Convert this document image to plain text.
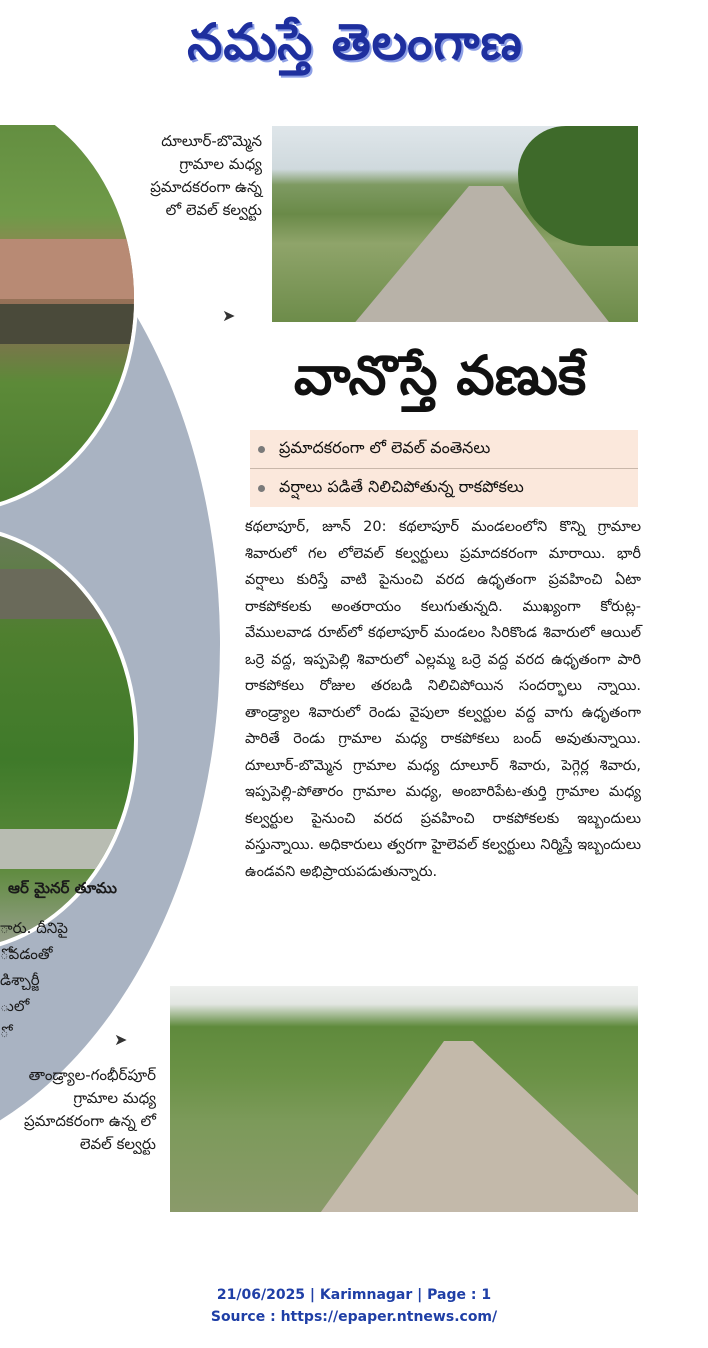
నమస్తే తెలంగాణ
ఆర్ మైనర్ తూము
ారు. దీనిపై
ోవడంతో
డిశ్చార్జీ
ులో
ో
దూలూర్-బొమ్మెన గ్రామాల మధ్య ప్రమాదకరంగా ఉన్న లో లెవల్ కల్వర్టు
➤
వానొస్తే వణుకే
ప్రమాదకరంగా లో లెవల్ వంతెనలు
వర్షాలు పడితే నిలిచిపోతున్న రాకపోకలు
కథలాపూర్, జూన్ 20: కథలాపూర్ మండలంలోని కొన్ని గ్రామాల శివారులో గల లోలెవల్ కల్వర్టులు ప్రమాదకరంగా మారాయి. భారీ వర్షాలు కురిస్తే వాటి పైనుంచి వరద ఉధృతంగా ప్రవహించి ఏటా రాకపోకలకు అంతరాయం కలుగుతున్నది. ముఖ్యంగా కోరుట్ల-వేములవాడ రూట్‌లో కథలాపూర్ మండలం సిరికొండ శివారులో ఆయిల్ ఒర్రె వద్ద, ఇప్పపెల్లి శివారులో ఎల్లమ్మ ఒర్రె వద్ద వరద ఉధృతంగా పారి రాకపోకలు రోజుల తరబడి నిలిచిపోయిన సందర్భాలు న్నాయి. తాండ్ర్యాల శివారులో రెండు వైపులా కల్వర్టుల వద్ద వాగు ఉధృతంగా పారితే రెండు గ్రామాల మధ్య రాకపోకలు బంద్ అవుతున్నాయి. దూలూర్-బొమ్మెన గ్రామాల మధ్య దూలూర్ శివారు, పెగ్గెర్ల శివారు, ఇప్పపెల్లి-పోతారం గ్రామాల మధ్య, అంబారిపేట-తుర్తి గ్రామాల మధ్య కల్వర్టుల పైనుంచి వరద ప్రవహించి రాకపోకలకు ఇబ్బందులు వస్తున్నాయి. అధికారులు త్వరగా హైలెవల్ కల్వర్టులు నిర్మిస్తే ఇబ్బందులు ఉండవని అభిప్రాయపడుతున్నారు.
➤
తాండ్ర్యాల-గంభీర్‌పూర్ గ్రామాల మధ్య ప్రమాదకరంగా ఉన్న లో లెవల్ కల్వర్టు
21/06/2025 | Karimnagar | Page : 1
Source : https://epaper.ntnews.com/
